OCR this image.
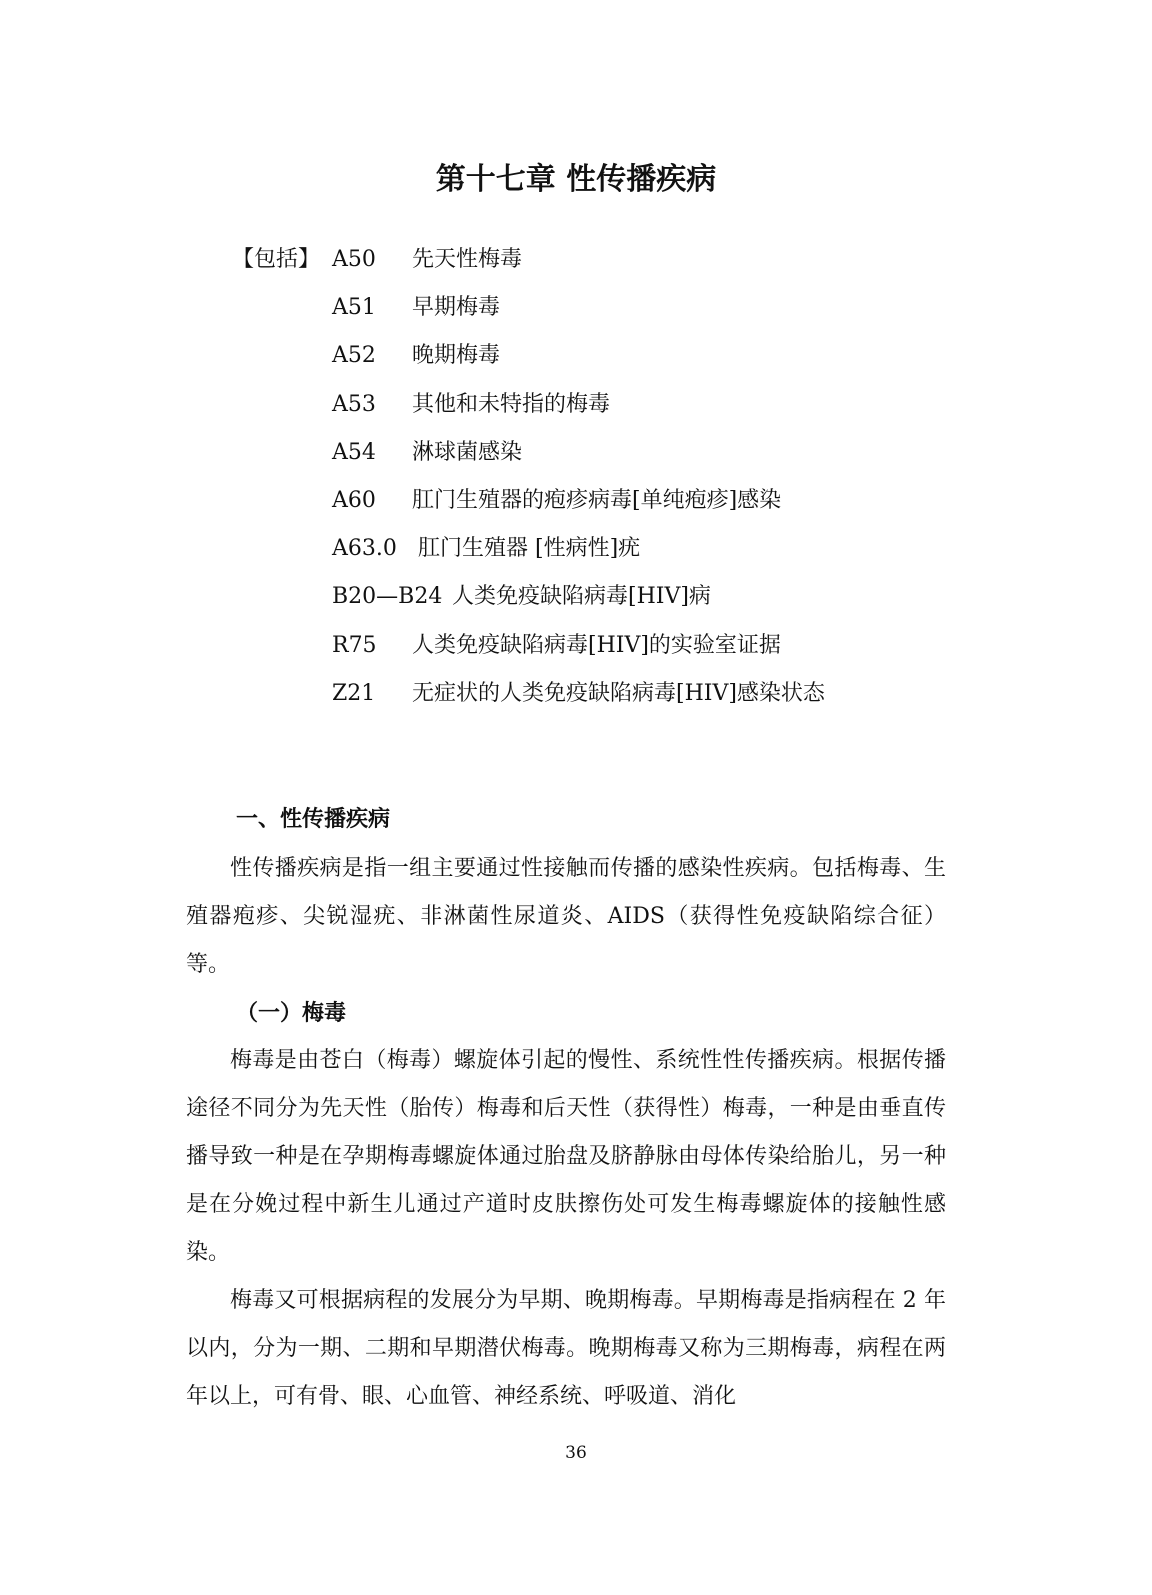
第十七章 性传播疾病
【包括】 A50 先天性梅毒
A51 早期梅毒
A52 晚期梅毒
A53 其他和未特指的梅毒
A54 淋球菌感染
A60 肛门生殖器的疱疹病毒[单纯疱疹]感染
A63.0 肛门生殖器 [性病性]疣
B20—B24 人类免疫缺陷病毒[HIV]病
R75 人类免疫缺陷病毒[HIV]的实验室证据
Z21 无症状的人类免疫缺陷病毒[HIV]感染状态
一、性传播疾病

性传播疾病是指一组主要通过性接触而传播的感染性疾病。包括梅毒、生殖器疱疹、尖锐湿疣、非淋菌性尿道炎、AIDS（获得性免疫缺陷综合征）等。

（一）梅毒

梅毒是由苍白（梅毒）螺旋体引起的慢性、系统性性传播疾病。根据传播途径不同分为先天性（胎传）梅毒和后天性（获得性）梅毒，一种是由垂直传播导致一种是在孕期梅毒螺旋体通过胎盘及脐静脉由母体传染给胎儿，另一种是在分娩过程中新生儿通过产道时皮肤擦伤处可发生梅毒螺旋体的接触性感染。

梅毒又可根据病程的发展分为早期、晚期梅毒。早期梅毒是指病程在 2 年以内，分为一期、二期和早期潜伏梅毒。晚期梅毒又称为三期梅毒，病程在两年以上，可有骨、眼、心血管、神经系统、呼吸道、消化

36
